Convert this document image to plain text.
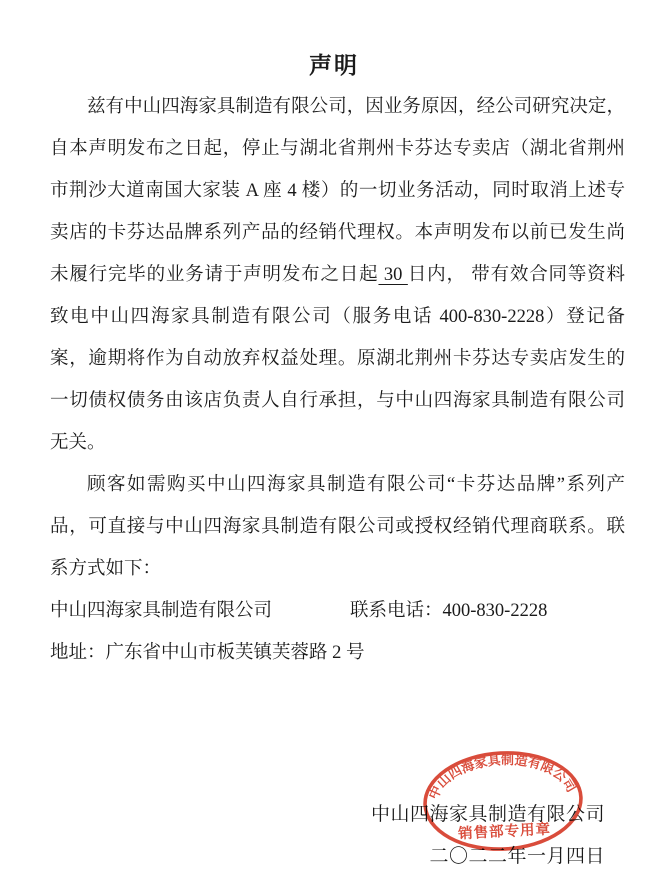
声明
兹有中山四海家具制造有限公司，因业务原因，经公司研究决定，
自本声明发布之日起，停止与湖北省荆州卡芬达专卖店（湖北省荆州
市荆沙大道南国大家装 A 座 4 楼）的一切业务活动，同时取消上述专
卖店的卡芬达品牌系列产品的经销代理权。本声明发布以前已发生尚
未履行完毕的业务请于声明发布之日起 30 日内， 带有效合同等资料
致电中山四海家具制造有限公司（服务电话 400-830-2228）登记备
案，逾期将作为自动放弃权益处理。原湖北荆州卡芬达专卖店发生的
一切债权债务由该店负责人自行承担，与中山四海家具制造有限公司
无关。
顾客如需购买中山四海家具制造有限公司“卡芬达品牌”系列产
品，可直接与中山四海家具制造有限公司或授权经销代理商联系。联
系方式如下：
中山四海家具制造有限公司	联系电话：400-830-2228
地址：广东省中山市板芙镇芙蓉路 2 号
中山四海家具制造有限公司
二〇二二年一月四日
中山四海家具制造有限公司
销售部专用章
